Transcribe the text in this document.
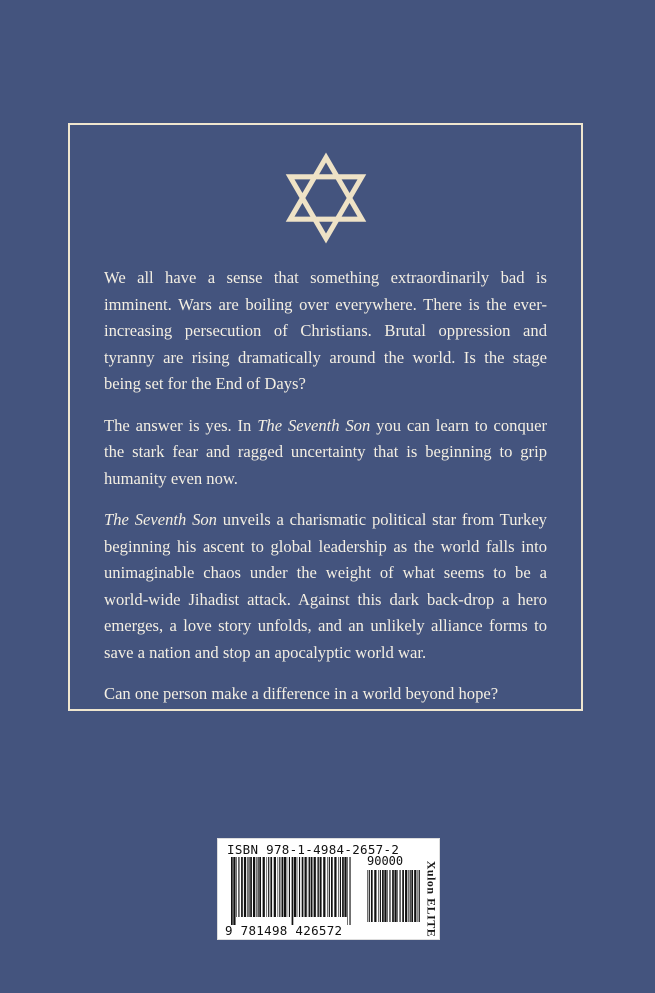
We all have a sense that something extraordinarily bad is imminent. Wars are boiling over everywhere. There is the ever-increasing persecution of Christians. Brutal oppression and tyranny are rising dramatically around the world. Is the stage being set for the End of Days?

The answer is yes. In The Seventh Son you can learn to conquer the stark fear and ragged uncertainty that is beginning to grip humanity even now.

The Seventh Son unveils a charismatic political star from Turkey beginning his ascent to global leadership as the world falls into unimaginable chaos under the weight of what seems to be a world-wide Jihadist attack. Against this dark back-drop a hero emerges, a love story unfolds, and an unlikely alliance forms to save a nation and stop an apocalyptic world war.

Can one person make a difference in a world beyond hope?

ISBN 978-1-4984-2657-2
90000
9 781498 426572	Xulon ELITE
